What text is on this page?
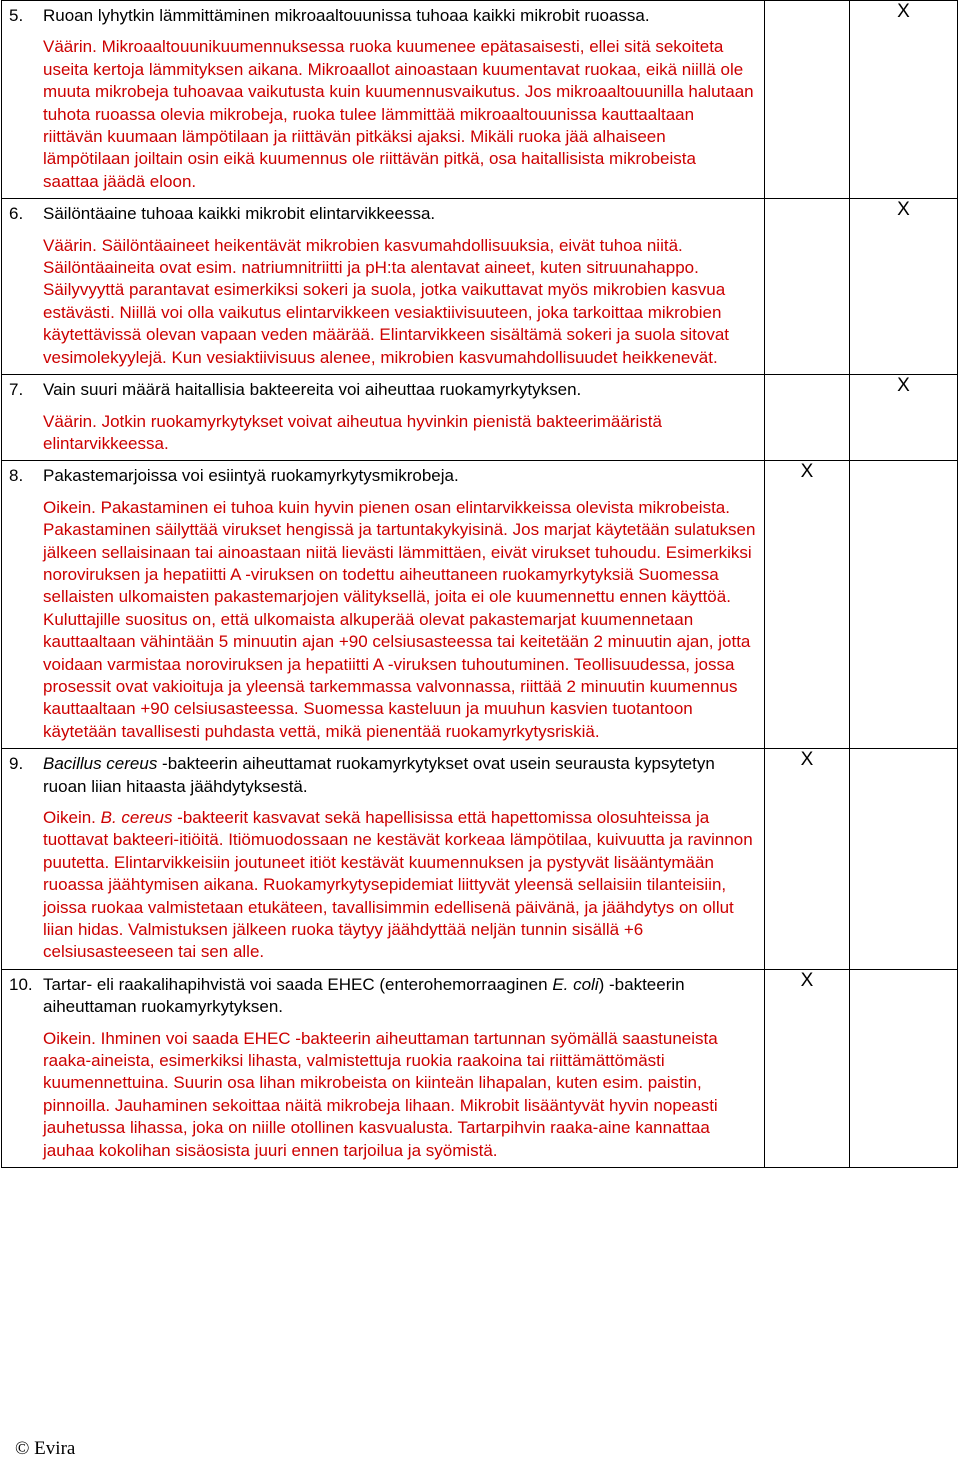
5. Ruoan lyhytkin lämmittäminen mikroaaltouunissa tuhoaa kaikki mikrobit ruoassa.

Väärin. Mikroaaltouunikuumennuksessa ruoka kuumenee epätasaisesti, ellei sitä sekoiteta useita kertoja lämmityksen aikana. Mikroaallot ainoastaan kuumentavat ruokaa, eikä niillä ole muuta mikrobeja tuhoavaa vaikutusta kuin kuumennusvaikutus. Jos mikroaaltouunilla halutaan tuhota ruoassa olevia mikrobeja, ruoka tulee lämmittää mikroaaltouunissa kauttaaltaan riittävän kuumaan lämpötilaan ja riittävän pitkäksi ajaksi. Mikäli ruoka jää alhaiseen lämpötilaan joiltain osin eikä kuumennus ole riittävän pitkä, osa haitallisista mikrobeista saattaa jäädä eloon.		X

6. Säilöntäaine tuhoaa kaikki mikrobit elintarvikkeessa.

Väärin. Säilöntäaineet heikentävät mikrobien kasvumahdollisuuksia, eivät tuhoa niitä. Säilöntäaineita ovat esim. natriumnitriitti ja pH:ta alentavat aineet, kuten sitruunahappo. Säilyvyyttä parantavat esimerkiksi sokeri ja suola, jotka vaikuttavat myös mikrobien kasvua estävästi. Niillä voi olla vaikutus elintarvikkeen vesiaktiivisuuteen, joka tarkoittaa mikrobien käytettävissä olevan vapaan veden määrää. Elintarvikkeen sisältämä sokeri ja suola sitovat vesimolekyylejä. Kun vesiaktiivisuus alenee, mikrobien kasvumahdollisuudet heikkenevät.		X

7. Vain suuri määrä haitallisia bakteereita voi aiheuttaa ruokamyrkytyksen.

Väärin. Jotkin ruokamyrkytykset voivat aiheutua hyvinkin pienistä bakteerimääristä elintarvikkeessa.		X

8. Pakastemarjoissa voi esiintyä ruokamyrkytysmikrobeja.

Oikein. Pakastaminen ei tuhoa kuin hyvin pienen osan elintarvikkeissa olevista mikrobeista. Pakastaminen säilyttää virukset hengissä ja tartuntakykyisinä. Jos marjat käytetään sulatuksen jälkeen sellaisinaan tai ainoastaan niitä lievästi lämmittäen, eivät virukset tuhoudu. Esimerkiksi noroviruksen ja hepatiitti A -viruksen on todettu aiheuttaneen ruokamyrkytyksiä Suomessa sellaisten ulkomaisten pakastemarjojen välityksellä, joita ei ole kuumennettu ennen käyttöä. Kuluttajille suositus on, että ulkomaista alkuperää olevat pakastemarjat kuumennetaan kauttaaltaan vähintään 5 minuutin ajan +90 celsiusasteessa tai keitetään 2 minuutin ajan, jotta voidaan varmistaa noroviruksen ja hepatiitti A -viruksen tuhoutuminen. Teollisuudessa, jossa prosessit ovat vakioituja ja yleensä tarkemmassa valvonnassa, riittää 2 minuutin kuumennus kauttaaltaan +90 celsiusasteessa. Suomessa kasteluun ja muuhun kasvien tuotantoon käytetään tavallisesti puhdasta vettä, mikä pienentää ruokamyrkytysriskiä.	X	

9. Bacillus cereus -bakteerin aiheuttamat ruokamyrkytykset ovat usein seurausta kypsytetyn ruoan liian hitaasta jäähdytyksestä.

Oikein. B. cereus -bakteerit kasvavat sekä hapellisissa että hapettomissa olosuhteissa ja tuottavat bakteeri-itiöitä. Itiömuodossaan ne kestävät korkeaa lämpötilaa, kuivuutta ja ravinnon puutetta. Elintarvikkeisiin joutuneet itiöt kestävät kuumennuksen ja pystyvät lisääntymään ruoassa jäähtymisen aikana. Ruokamyrkytysepidemiat liittyvät yleensä sellaisiin tilanteisiin, joissa ruokaa valmistetaan etukäteen, tavallisimmin edellisenä päivänä, ja jäähdytys on ollut liian hidas. Valmistuksen jälkeen ruoka täytyy jäähdyttää neljän tunnin sisällä +6 celsiusasteeseen tai sen alle.	X	

10. Tartar- eli raakalihapihvistä voi saada EHEC (enterohemorraaginen E. coli) -bakteerin aiheuttaman ruokamyrkytyksen.

Oikein. Ihminen voi saada EHEC -bakteerin aiheuttaman tartunnan syömällä saastuneista raaka-aineista, esimerkiksi lihasta, valmistettuja ruokia raakoina tai riittämättömästi kuumennettuina. Suurin osa lihan mikrobeista on kiinteän lihapalan, kuten esim. paistin, pinnoilla. Jauhaminen sekoittaa näitä mikrobeja lihaan. Mikrobit lisääntyvät hyvin nopeasti jauhetussa lihassa, joka on niille otollinen kasvualusta. Tartarpihvin raaka-aine kannattaa jauhaa kokolihan sisäosista juuri ennen tarjoilua ja syömistä.	X	
© Evira
